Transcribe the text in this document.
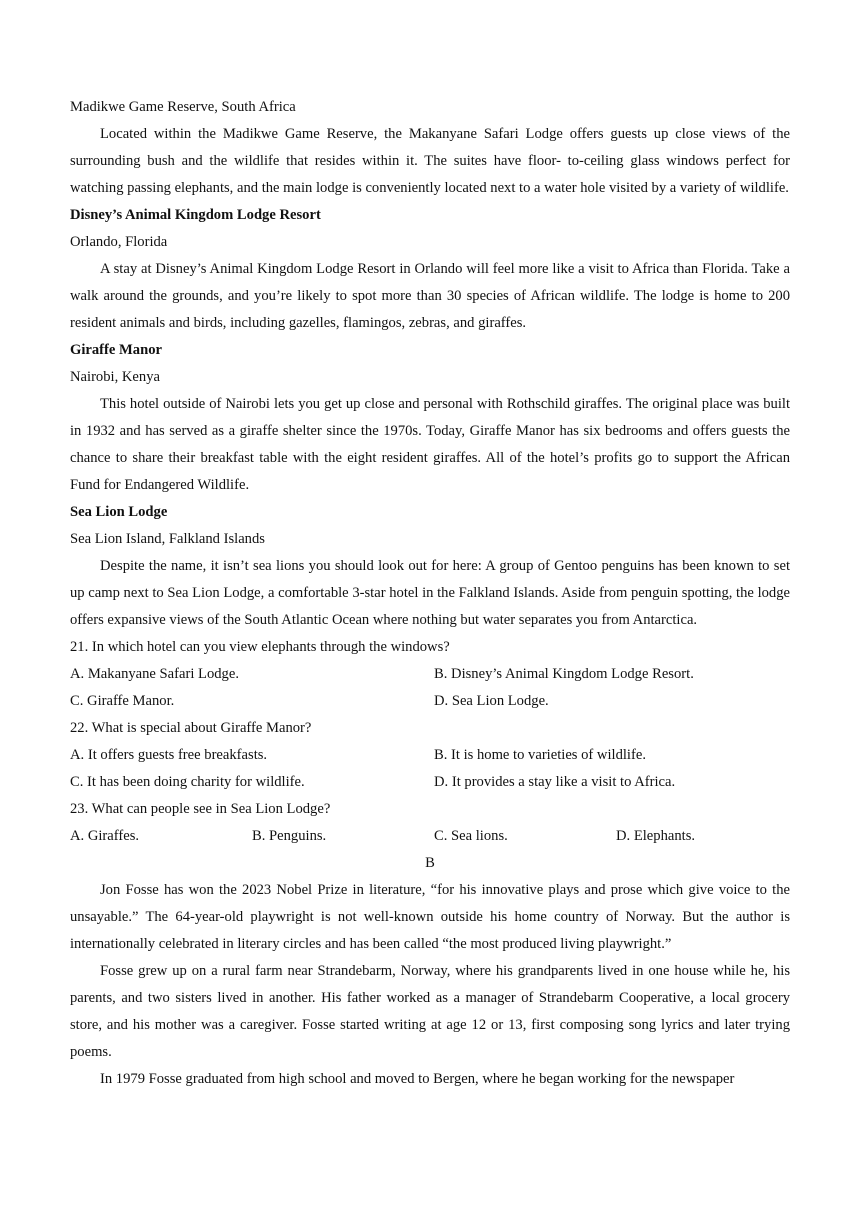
Madikwe Game Reserve, South Africa

Located within the Madikwe Game Reserve, the Makanyane Safari Lodge offers guests up close views of the surrounding bush and the wildlife that resides within it. The suites have floor- to-ceiling glass windows perfect for watching passing elephants, and the main lodge is conveniently located next to a water hole visited by a variety of wildlife.

Disney’s Animal Kingdom Lodge Resort

Orlando, Florida

A stay at Disney’s Animal Kingdom Lodge Resort in Orlando will feel more like a visit to Africa than Florida. Take a walk around the grounds, and you’re likely to spot more than 30 species of African wildlife. The lodge is home to 200 resident animals and birds, including gazelles, flamingos, zebras, and giraffes.

Giraffe Manor

Nairobi, Kenya

This hotel outside of Nairobi lets you get up close and personal with Rothschild giraffes. The original place was built in 1932 and has served as a giraffe shelter since the 1970s. Today, Giraffe Manor has six bedrooms and offers guests the chance to share their breakfast table with the eight resident giraffes. All of the hotel’s profits go to support the African Fund for Endangered Wildlife.

Sea Lion Lodge

Sea Lion Island, Falkland Islands

Despite the name, it isn’t sea lions you should look out for here: A group of Gentoo penguins has been known to set up camp next to Sea Lion Lodge, a comfortable 3-star hotel in the Falkland Islands. Aside from penguin spotting, the lodge offers expansive views of the South Atlantic Ocean where nothing but water separates you from Antarctica.

21. In which hotel can you view elephants through the windows?

A. Makanyane Safari Lodge.	B. Disney’s Animal Kingdom Lodge Resort.
C. Giraffe Manor.	D. Sea Lion Lodge.

22. What is special about Giraffe Manor?

A. It offers guests free breakfasts.	B. It is home to varieties of wildlife.
C. It has been doing charity for wildlife.	D. It provides a stay like a visit to Africa.

23. What can people see in Sea Lion Lodge?

A. Giraffes.	B. Penguins.	C. Sea lions.	D. Elephants.

B

Jon Fosse has won the 2023 Nobel Prize in literature, “for his innovative plays and prose which give voice to the unsayable.” The 64-year-old playwright is not well-known outside his home country of Norway. But the author is internationally celebrated in literary circles and has been called “the most produced living playwright.”

Fosse grew up on a rural farm near Strandebarm, Norway, where his grandparents lived in one house while he, his parents, and two sisters lived in another. His father worked as a manager of Strandebarm Cooperative, a local grocery store, and his mother was a caregiver. Fosse started writing at age 12 or 13, first composing song lyrics and later trying poems.

In 1979 Fosse graduated from high school and moved to Bergen, where he began working for the newspaper
